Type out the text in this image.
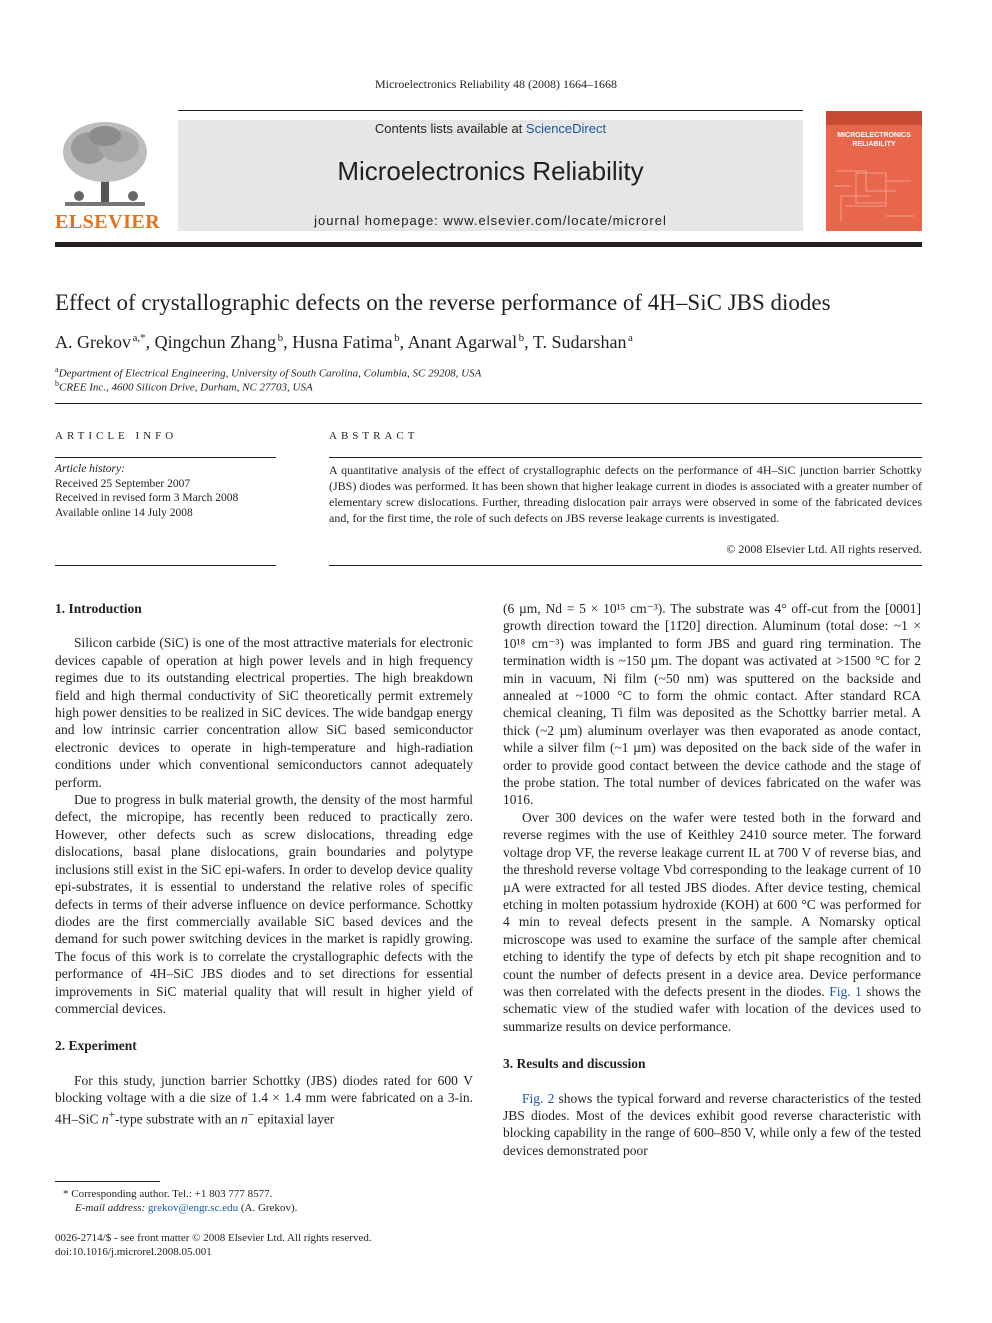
Microelectronics Reliability 48 (2008) 1664–1668
ELSEVIER
Contents lists available at ScienceDirect
Microelectronics Reliability
journal homepage: www.elsevier.com/locate/microrel
MICROELECTRONICS
RELIABILITY
Effect of crystallographic defects on the reverse performance of 4H–SiC JBS diodes
A. Grekov  $^{a,*}$, Qingchun Zhang  $^b$, Husna Fatima  $^b$, Anant Agarwal  $^b$, T. Sudarshan  $^a$
$^a$Department of Electrical Engineering, University of South Carolina, Columbia, SC 29208, USA
$^b$CREE Inc., 4600 Silicon Drive, Durham, NC 27703, USA
ARTICLE INFO
Article history:
Received 25 September 2007
Received in revised form 3 March 2008
Available online 14 July 2008
ABSTRACT
A quantitative analysis of the effect of crystallographic defects on the performance of 4H–SiC junction barrier Schottky (JBS) diodes was performed. It has been shown that higher leakage current in diodes is associated with a greater number of elementary screw dislocations. Further, threading dislocation pair arrays were observed in some of the fabricated devices and, for the first time, the role of such defects on JBS reverse leakage currents is investigated.
© 2008 Elsevier Ltd. All rights reserved.
1. Introduction

Silicon carbide (SiC) is one of the most attractive materials for electronic devices capable of operation at high power levels and in high frequency regimes due to its outstanding electrical properties. The high breakdown field and high thermal conductivity of SiC theoretically permit extremely high power densities to be realized in SiC devices. The wide bandgap energy and low intrinsic carrier concentration allow SiC based semiconductor electronic devices to operate in high-temperature and high-radiation conditions under which conventional semiconductors cannot adequately perform.

Due to progress in bulk material growth, the density of the most harmful defect, the micropipe, has recently been reduced to practically zero. However, other defects such as screw dislocations, threading edge dislocations, basal plane dislocations, grain boundaries and polytype inclusions still exist in the SiC epi-wafers. In order to develop device quality epi-substrates, it is essential to understand the relative roles of specific defects in terms of their adverse influence on device performance. Schottky diodes are the first commercially available SiC based devices and the demand for such power switching devices in the market is rapidly growing. The focus of this work is to correlate the crystallographic defects with the performance of 4H–SiC JBS diodes and to set directions for essential improvements in SiC material quality that will result in higher yield of commercial devices.

2. Experiment

For this study, junction barrier Schottky (JBS) diodes rated for 600 V blocking voltage with a die size of 1.4 × 1.4 mm were fabricated on a 3-in. 4H–SiC n+-type substrate with an n− epitaxial layer

(6 µm, Nd = 5 × 10¹⁵ cm⁻³). The substrate was 4° off-cut from the [0001] growth direction toward the [11̄20] direction. Aluminum (total dose: ~1 × 10¹⁸ cm⁻³) was implanted to form JBS and guard ring termination. The termination width is ~150 µm. The dopant was activated at >1500 °C for 2 min in vacuum, Ni film (~50 nm) was sputtered on the backside and annealed at ~1000 °C to form the ohmic contact. After standard RCA chemical cleaning, Ti film was deposited as the Schottky barrier metal. A thick (~2 µm) aluminum overlayer was then evaporated as anode contact, while a silver film (~1 µm) was deposited on the back side of the wafer in order to provide good contact between the device cathode and the stage of the probe station. The total number of devices fabricated on the wafer was 1016.

Over 300 devices on the wafer were tested both in the forward and reverse regimes with the use of Keithley 2410 source meter. The forward voltage drop VF, the reverse leakage current IL at 700 V of reverse bias, and the threshold reverse voltage Vbd corresponding to the leakage current of 10 µA were extracted for all tested JBS diodes. After device testing, chemical etching in molten potassium hydroxide (KOH) at 600 °C was performed for 4 min to reveal defects present in the sample. A Nomarsky optical microscope was used to examine the surface of the sample after chemical etching to identify the type of defects by etch pit shape recognition and to count the number of defects present in a device area. Device performance was then correlated with the defects present in the diodes. Fig. 1 shows the schematic view of the studied wafer with location of the devices used to summarize results on device performance.

3. Results and discussion

Fig. 2 shows the typical forward and reverse characteristics of the tested JBS diodes. Most of the devices exhibit good reverse characteristic with blocking capability in the range of 600–850 V, while only a few of the tested devices demonstrated poor

* Corresponding author. Tel.: +1 803 777 8577.
E-mail address: grekov@engr.sc.edu (A. Grekov).
0026-2714/$ - see front matter © 2008 Elsevier Ltd. All rights reserved.
doi:10.1016/j.microrel.2008.05.001
